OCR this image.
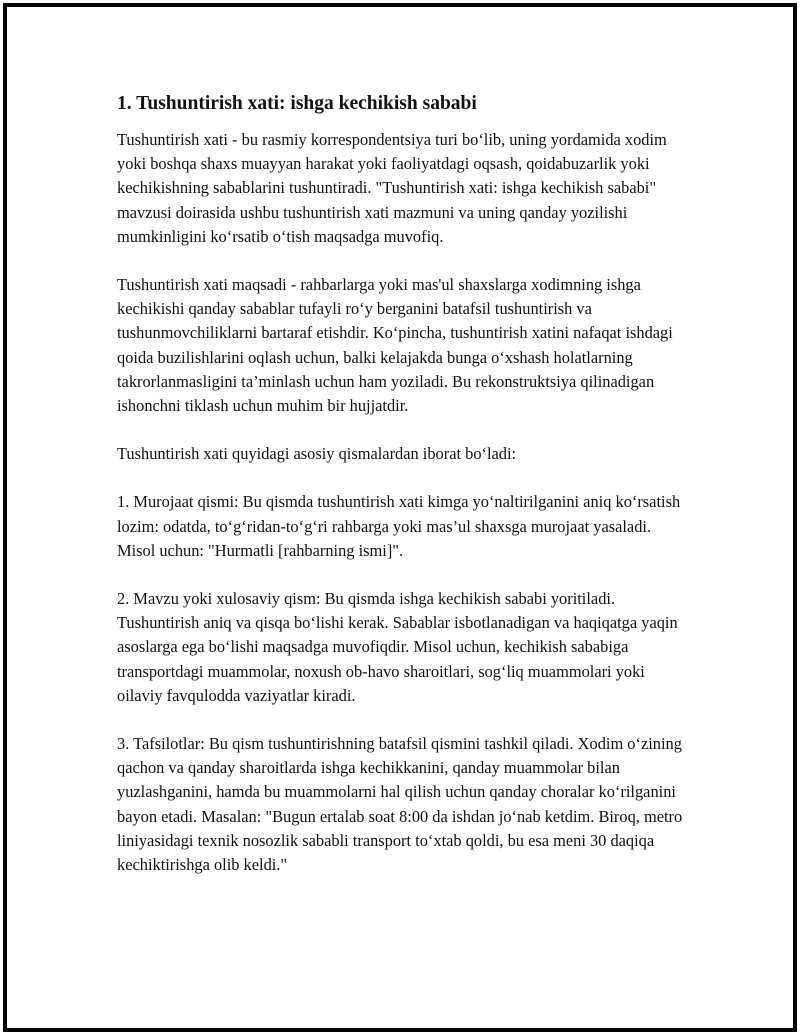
1. Tushuntirish xati: ishga kechikish sababi

Tushuntirish xati - bu rasmiy korrespondentsiya turi bo‘lib, uning yordamida xodim yoki boshqa shaxs muayyan harakat yoki faoliyatdagi oqsash, qoidabuzarlik yoki kechikishning sabablarini tushuntiradi. "Tushuntirish xati: ishga kechikish sababi" mavzusi doirasida ushbu tushuntirish xati mazmuni va uning qanday yozilishi mumkinligini ko‘rsatib o‘tish maqsadga muvofiq.

Tushuntirish xati maqsadi - rahbarlarga yoki mas'ul shaxslarga xodimning ishga kechikishi qanday sabablar tufayli ro‘y berganini batafsil tushuntirish va tushunmovchiliklarni bartaraf etishdir. Ko‘pincha, tushuntirish xatini nafaqat ishdagi qoida buzilishlarini oqlash uchun, balki kelajakda bunga o‘xshash holatlarning takrorlanmasligini ta’minlash uchun ham yoziladi. Bu rekonstruktsiya qilinadigan ishonchni tiklash uchun muhim bir hujjatdir.

Tushuntirish xati quyidagi asosiy qismalardan iborat bo‘ladi:

1. Murojaat qismi: Bu qismda tushuntirish xati kimga yo‘naltirilganini aniq ko‘rsatish lozim: odatda, to‘g‘ridan-to‘g‘ri rahbarga yoki mas’ul shaxsga murojaat yasaladi. Misol uchun: "Hurmatli [rahbarning ismi]".

2. Mavzu yoki xulosaviy qism: Bu qismda ishga kechikish sababi yoritiladi. Tushuntirish aniq va qisqa bo‘lishi kerak. Sabablar isbotlanadigan va haqiqatga yaqin asoslarga ega bo‘lishi maqsadga muvofiqdir. Misol uchun, kechikish sababiga transportdagi muammolar, noxush ob-havo sharoitlari, sog‘liq muammolari yoki oilaviy favqulodda vaziyatlar kiradi.

3. Tafsilotlar: Bu qism tushuntirishning batafsil qismini tashkil qiladi. Xodim o‘zining qachon va qanday sharoitlarda ishga kechikkanini, qanday muammolar bilan yuzlashganini, hamda bu muammolarni hal qilish uchun qanday choralar ko‘rilganini bayon etadi. Masalan: "Bugun ertalab soat 8:00 da ishdan jo‘nab ketdim. Biroq, metro liniyasidagi texnik nosozlik sababli transport to‘xtab qoldi, bu esa meni 30 daqiqa kechiktirishga olib keldi."
